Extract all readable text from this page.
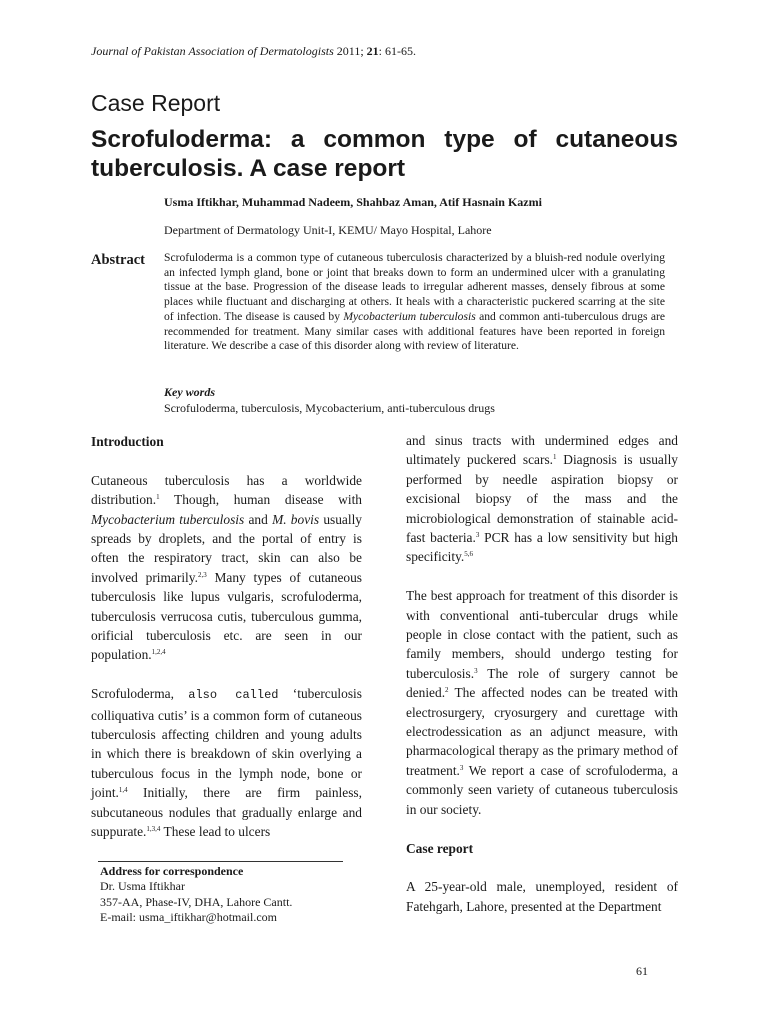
Journal of Pakistan Association of Dermatologists 2011; 21: 61-65.
Case Report
Scrofuloderma: a common type of cutaneous tuberculosis. A case report
Usma Iftikhar, Muhammad Nadeem, Shahbaz Aman, Atif Hasnain Kazmi
Department of Dermatology Unit-I, KEMU/ Mayo Hospital, Lahore
Abstract Scrofuloderma is a common type of cutaneous tuberculosis characterized by a bluish-red nodule overlying an infected lymph gland, bone or joint that breaks down to form an undermined ulcer with a granulating tissue at the base. Progression of the disease leads to irregular adherent masses, densely fibrous at some places while fluctuant and discharging at others. It heals with a characteristic puckered scarring at the site of infection. The disease is caused by Mycobacterium tuberculosis and common anti-tuberculous drugs are recommended for treatment. Many similar cases with additional features have been reported in foreign literature. We describe a case of this disorder along with review of literature.

Key words
Scrofuloderma, tuberculosis, Mycobacterium, anti-tuberculous drugs
Introduction

Cutaneous tuberculosis has a worldwide distribution.$^1$ Though, human disease with Mycobacterium tuberculosis and M. bovis usually spreads by droplets, and the portal of entry is often the respiratory tract, skin can also be involved primarily.$^{2,3}$ Many types of cutaneous tuberculosis like lupus vulgaris, scrofuloderma, tuberculosis verrucosa cutis, tuberculous gumma, orificial tuberculosis etc. are seen in our population.$^{1,2,4}$

Scrofuloderma, also called ‘tuberculosis colliquativa cutis’ is a common form of cutaneous tuberculosis affecting children and young adults in which there is breakdown of skin overlying a tuberculous focus in the lymph node, bone or joint.$^{1,4}$ Initially, there are firm painless, subcutaneous nodules that gradually enlarge and suppurate.$^{1,3,4}$ These lead to ulcers

Address for correspondence
Dr. Usma Iftikhar
357-AA, Phase-IV, DHA, Lahore Cantt.
E-mail: usma_iftikhar@hotmail.com

and sinus tracts with undermined edges and ultimately puckered scars.$^1$ Diagnosis is usually performed by needle aspiration biopsy or excisional biopsy of the mass and the microbiological demonstration of stainable acid-fast bacteria.$^3$ PCR has a low sensitivity but high specificity.$^{5,6}$

The best approach for treatment of this disorder is with conventional anti-tubercular drugs while people in close contact with the patient, such as family members, should undergo testing for tuberculosis.$^3$ The role of surgery cannot be denied.$^2$ The affected nodes can be treated with electrosurgery, cryosurgery and curettage with electrodessication as an adjunct measure, with pharmacological therapy as the primary method of treatment.$^3$ We report a case of scrofuloderma, a commonly seen variety of cutaneous tuberculosis in our society.

Case report

A 25-year-old male, unemployed, resident of Fatehgarh, Lahore, presented at the Department

61
